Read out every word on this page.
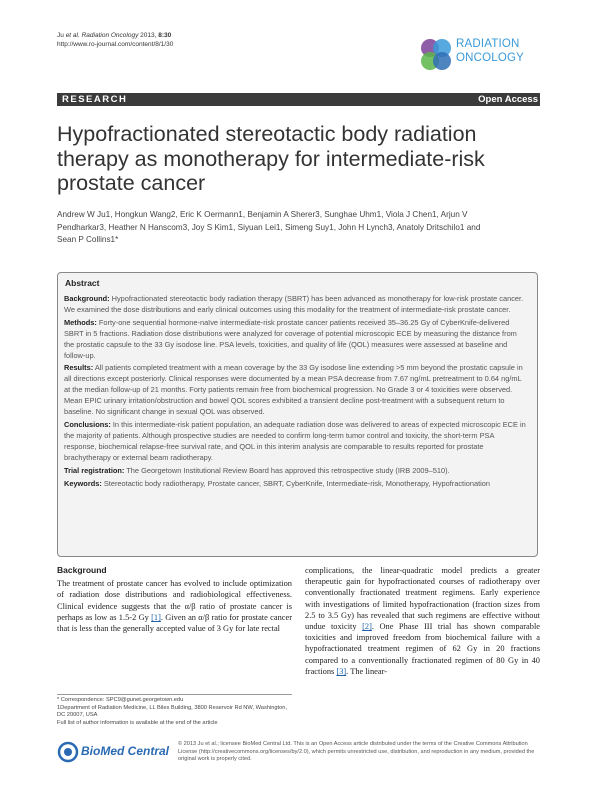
Ju et al. Radiation Oncology 2013, 8:30
http://www.ro-journal.com/content/8/1/30	RADIATION
ONCOLOGY
RESEARCH	Open Access
Hypofractionated stereotactic body radiation therapy as monotherapy for intermediate-risk prostate cancer
Andrew W Ju1, Hongkun Wang2, Eric K Oermann1, Benjamin A Sherer3, Sunghae Uhm1, Viola J Chen1, Arjun V Pendharkar3, Heather N Hanscom3, Joy S Kim1, Siyuan Lei1, Simeng Suy1, John H Lynch3, Anatoly Dritschilo1 and Sean P Collins1*
Abstract

Background: Hypofractionated stereotactic body radiation therapy (SBRT) has been advanced as monotherapy for low-risk prostate cancer. We examined the dose distributions and early clinical outcomes using this modality for the treatment of intermediate-risk prostate cancer.

Methods: Forty-one sequential hormone-naïve intermediate-risk prostate cancer patients received 35–36.25 Gy of CyberKnife-delivered SBRT in 5 fractions. Radiation dose distributions were analyzed for coverage of potential microscopic ECE by measuring the distance from the prostatic capsule to the 33 Gy isodose line. PSA levels, toxicities, and quality of life (QOL) measures were assessed at baseline and follow-up.

Results: All patients completed treatment with a mean coverage by the 33 Gy isodose line extending >5 mm beyond the prostatic capsule in all directions except posteriorly. Clinical responses were documented by a mean PSA decrease from 7.67 ng/mL pretreatment to 0.64 ng/mL at the median follow-up of 21 months. Forty patients remain free from biochemical progression. No Grade 3 or 4 toxicities were observed. Mean EPIC urinary irritation/obstruction and bowel QOL scores exhibited a transient decline post-treatment with a subsequent return to baseline. No significant change in sexual QOL was observed.

Conclusions: In this intermediate-risk patient population, an adequate radiation dose was delivered to areas of expected microscopic ECE in the majority of patients. Although prospective studies are needed to confirm long-term tumor control and toxicity, the short-term PSA response, biochemical relapse-free survival rate, and QOL in this interim analysis are comparable to results reported for prostate brachytherapy or external beam radiotherapy.

Trial registration: The Georgetown Institutional Review Board has approved this retrospective study (IRB 2009–510).

Keywords: Stereotactic body radiotherapy, Prostate cancer, SBRT, CyberKnife, Intermediate-risk, Monotherapy, Hypofractionation

Background

The treatment of prostate cancer has evolved to include optimization of radiation dose distributions and radiobiological effectiveness. Clinical evidence suggests that the α/β ratio of prostate cancer is perhaps as low as 1.5-2 Gy [1]. Given an α/β ratio for prostate cancer that is less than the generally accepted value of 3 Gy for late rectal

complications, the linear-quadratic model predicts a greater therapeutic gain for hypofractionated courses of radiotherapy over conventionally fractionated treatment regimens. Early experience with investigations of limited hypofractionation (fraction sizes from 2.5 to 3.5 Gy) has revealed that such regimens are effective without undue toxicity [2]. One Phase III trial has shown comparable toxicities and improved freedom from biochemical failure with a hypofractionated treatment regimen of 62 Gy in 20 fractions compared to a conventionally fractionated regimen of 80 Gy in 40 fractions [3]. The linear-

* Correspondence: SPC9@gunet.georgetown.edu
1Department of Radiation Medicine, LL Biles Building, 3800 Reservoir Rd NW, Washington, DC 20007, USA
Full list of author information is available at the end of the article
BioMed Central © 2013 Ju et al.; licensee BioMed Central Ltd. This is an Open Access article distributed under the terms of the Creative Commons Attribution License (http://creativecommons.org/licenses/by/2.0), which permits unrestricted use, distribution, and reproduction in any medium, provided the original work is properly cited.
